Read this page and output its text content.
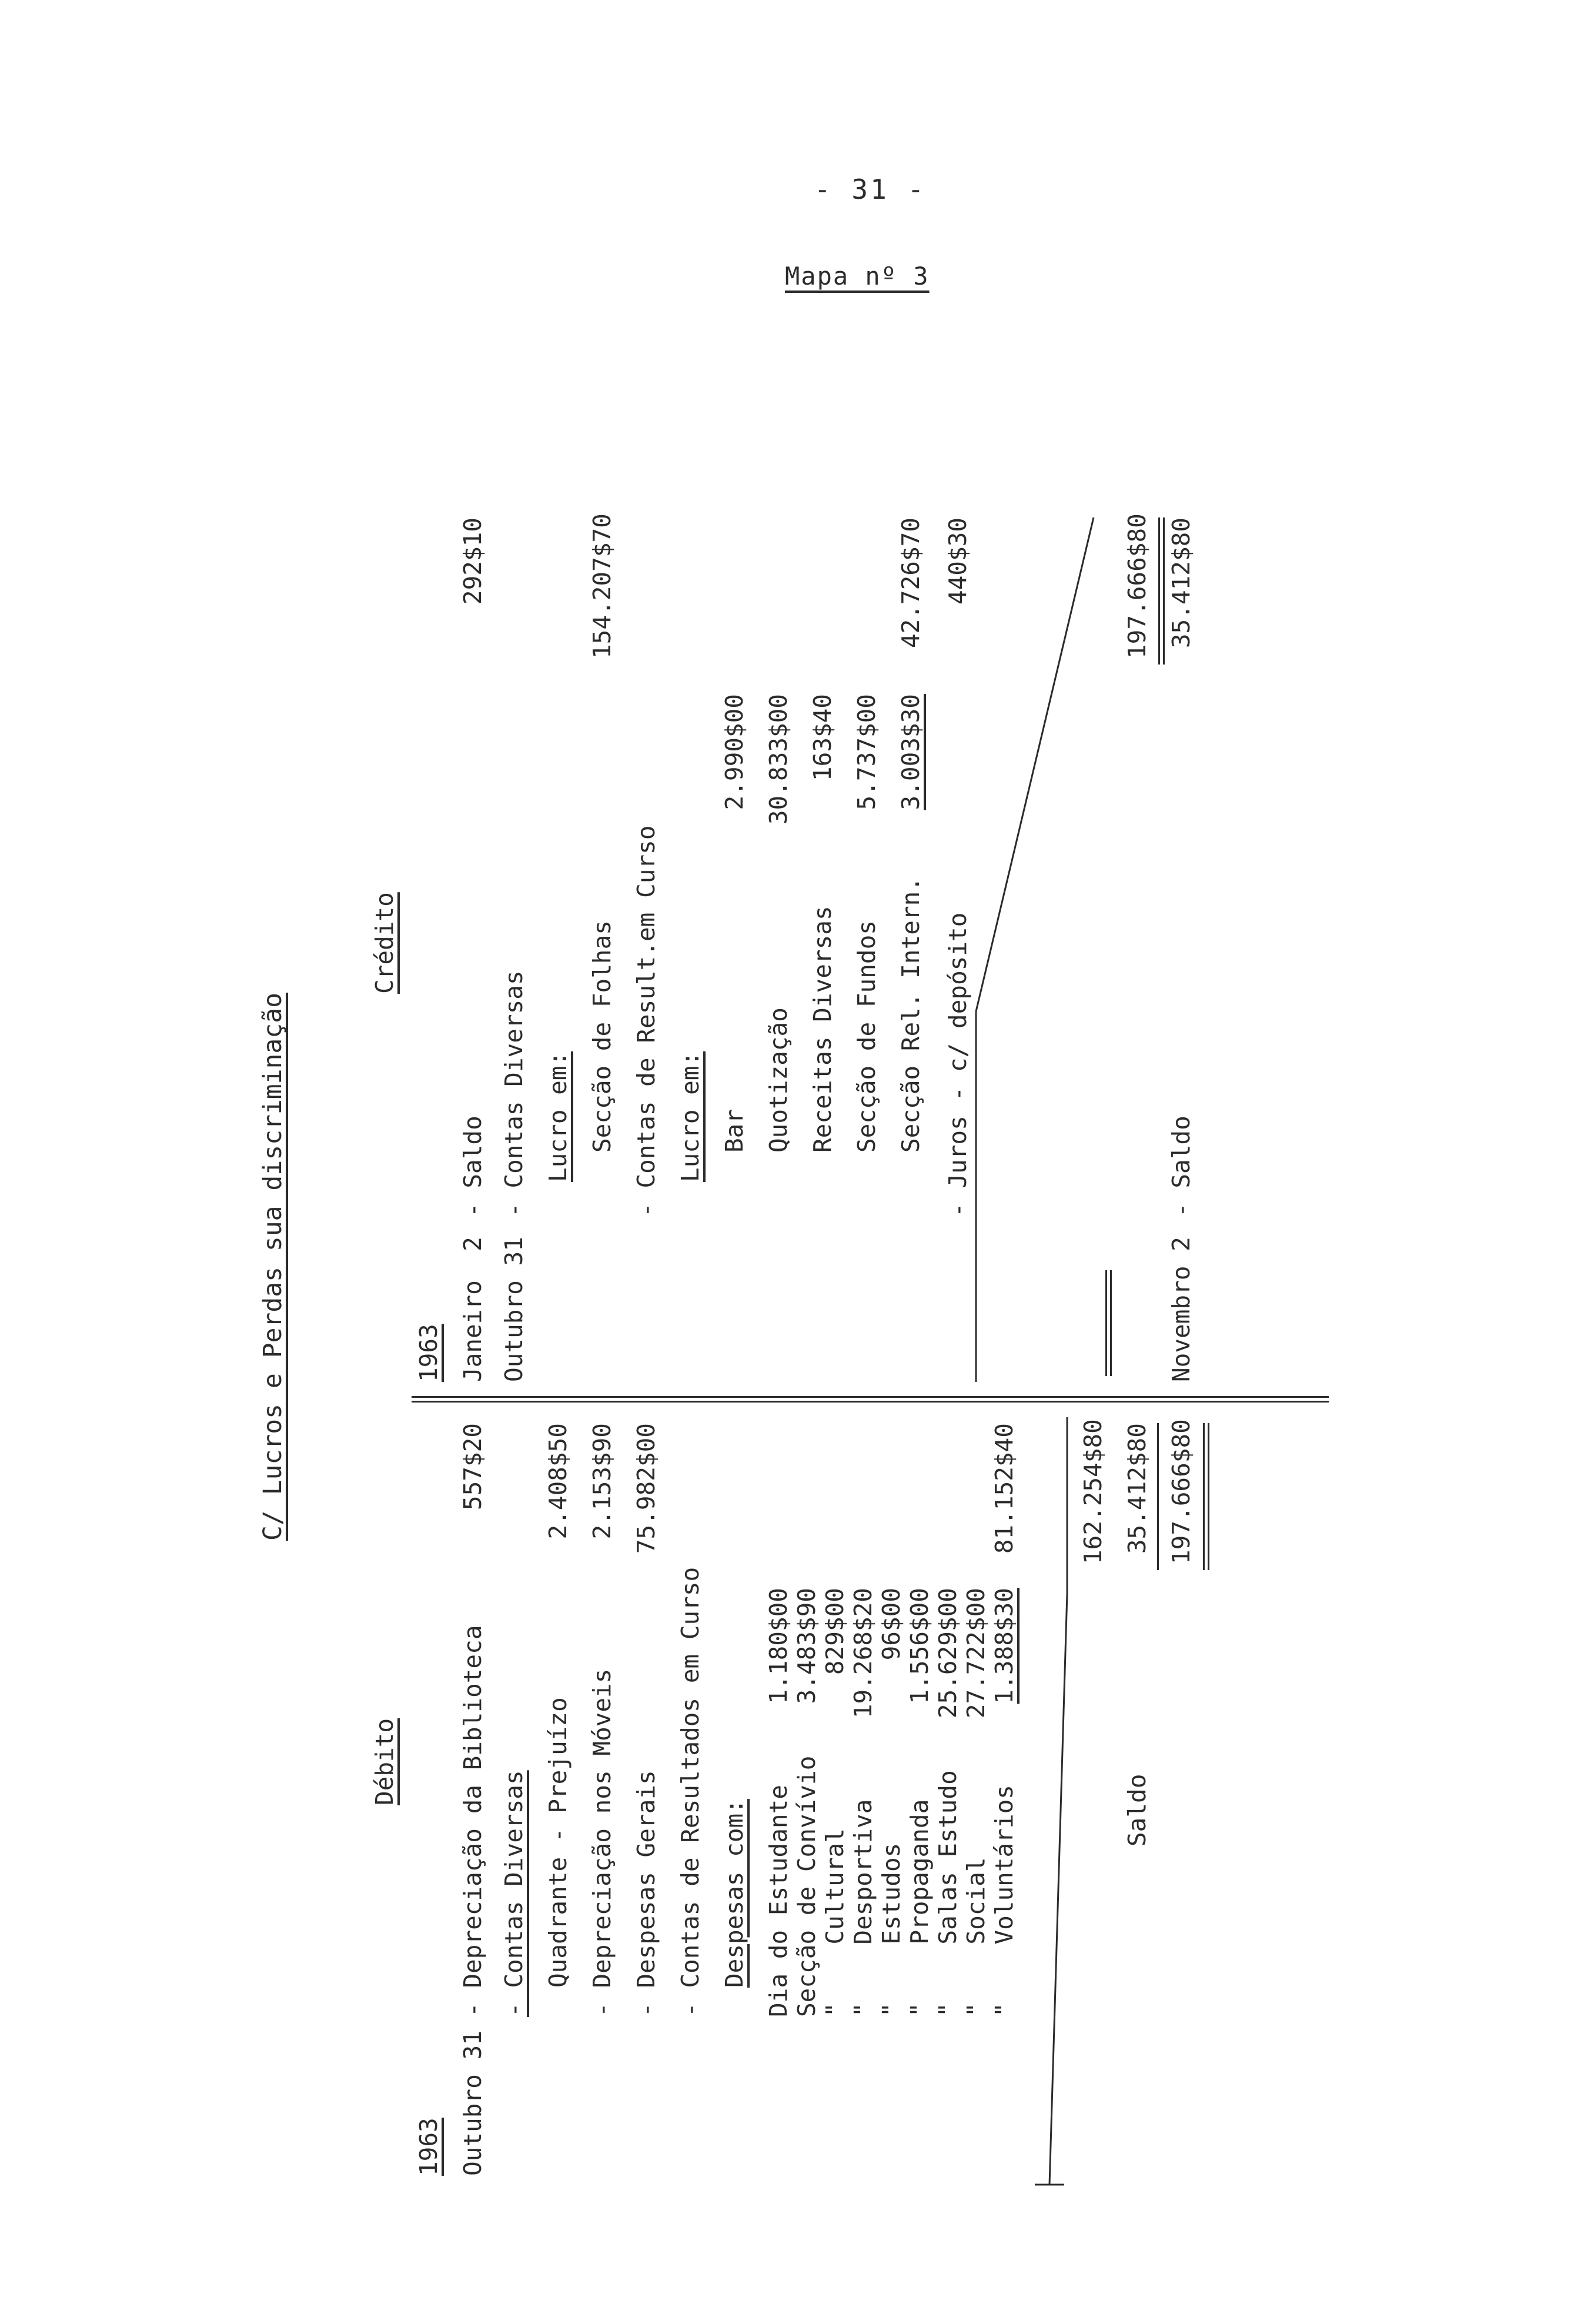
- 31 -
Mapa nº 3
C/ Lucros e Perdas sua discriminação
Débito
1963 Outubro 31
- Depreciação da Biblioteca
557$20
- Contas Diversas Quadrante - Prejuízo
2.408$50
- Depreciação nos Móveis
2.153$90
- Despesas Gerais
75.982$00
- Contas de Resultados em Curso Despesas com: Dia do Estudante
1.180$00
Secção de Convívio
3.483$90
"    Cultural
829$00
"    Desportiva
19.268$20
"    Estudos
96$00
"    Propaganda
1.556$00
"    Salas Estudo
25.629$00
"    Social
27.722$00
"    Voluntários
1.388$30
81.152$40	162.254$80
Saldo
35.412$80 197.666$80
Crédito
1963 Janeiro  2
- Saldo
292$10
Outubro 31
- Contas Diversas Lucro em: Secção de Folhas
154.207$70
- Contas de Result.em Curso Lucro em: Bar
2.990$00
Quotização
30.833$00
Receitas Diversas
163$40
Secção de Fundos
5.737$00
Secção Rel. Intern.
3.003$30
42.726$70
- Juros - c/ depósito
440$30	197.666$80
Novembro 2
- Saldo
35.412$80
